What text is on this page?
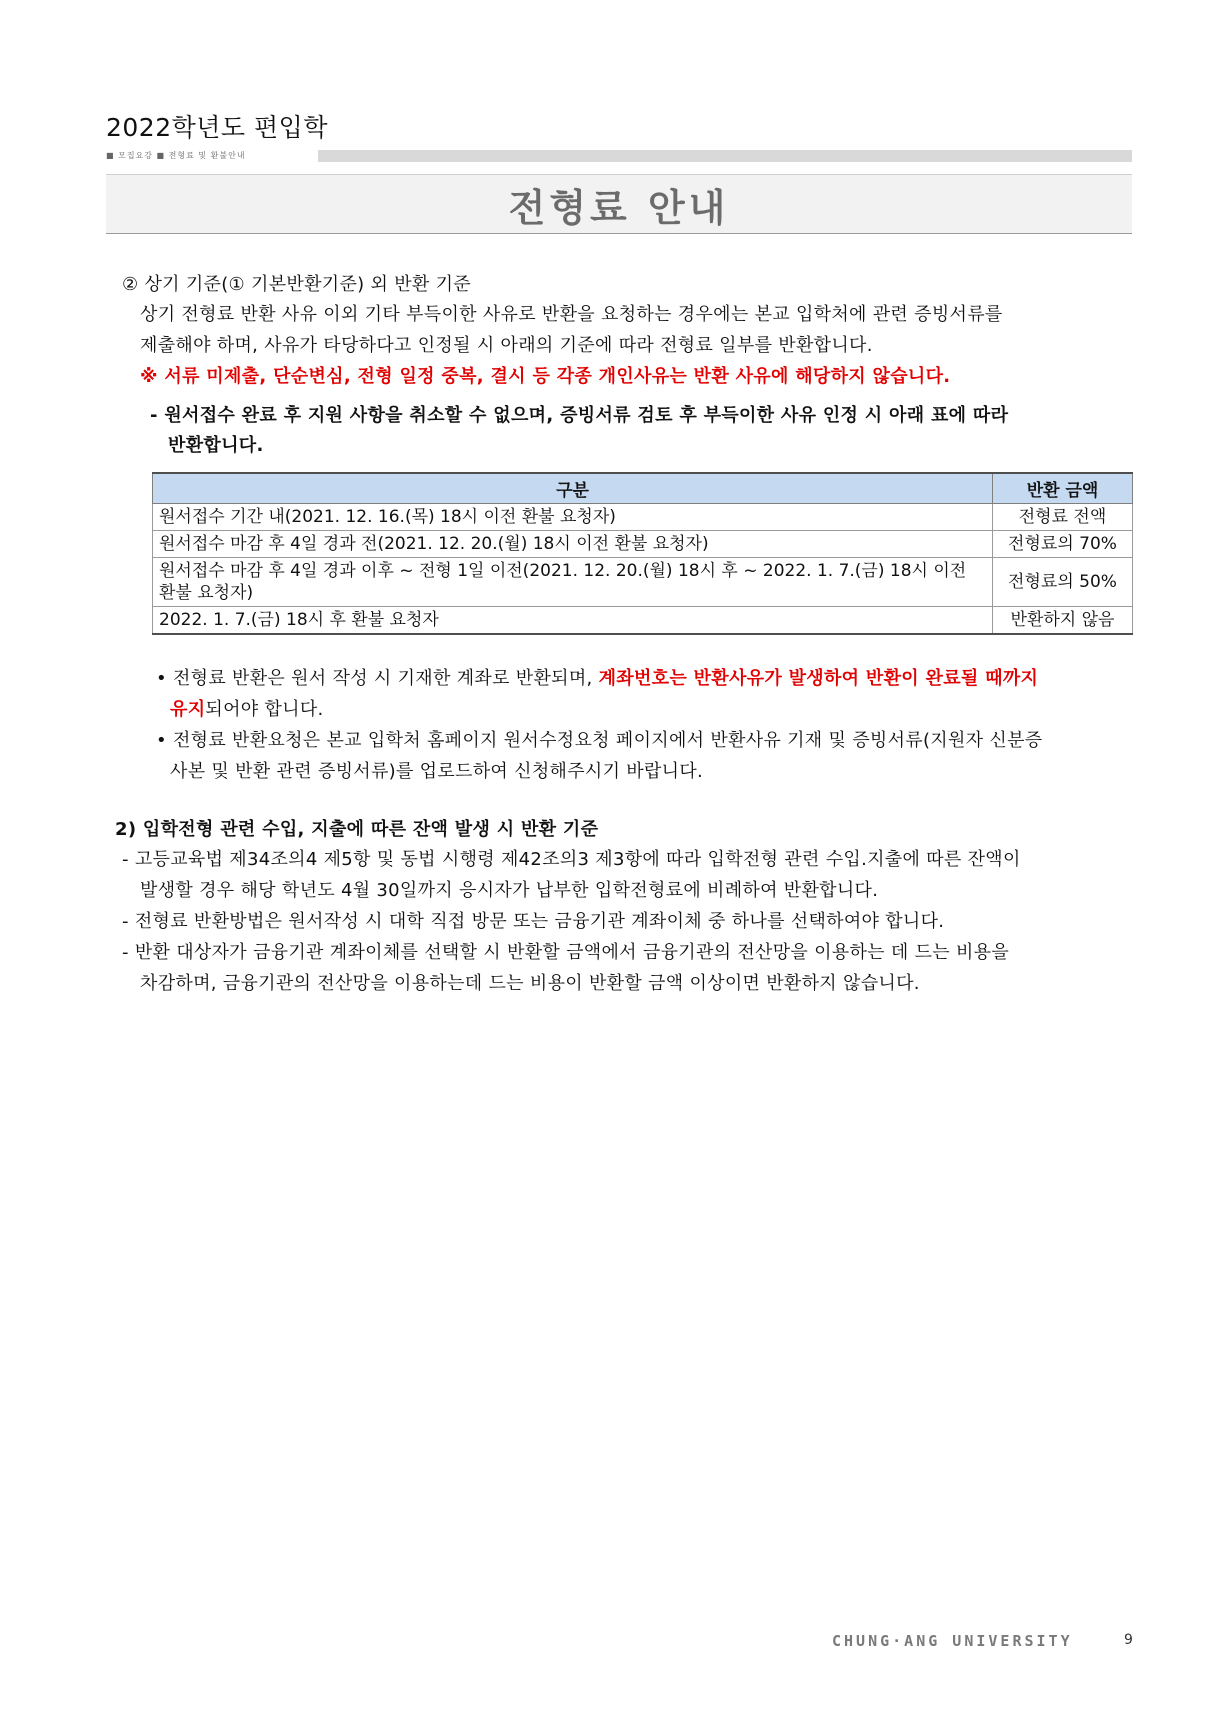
2022학년도 편입학
■ 모집요강 ■ 전형료 및 환불안내
전형료 안내
② 상기 기준(① 기본반환기준) 외 반환 기준
상기 전형료 반환 사유 이외 기타 부득이한 사유로 반환을 요청하는 경우에는 본교 입학처에 관련 증빙서류를
제출해야 하며, 사유가 타당하다고 인정될 시 아래의 기준에 따라 전형료 일부를 반환합니다.
※ 서류 미제출, 단순변심, 전형 일정 중복, 결시 등 각종 개인사유는 반환 사유에 해당하지 않습니다.
- 원서접수 완료 후 지원 사항을 취소할 수 없으며, 증빙서류 검토 후 부득이한 사유 인정 시 아래 표에 따라
반환합니다.
구분	반환 금액
원서접수 기간 내(2021. 12. 16.(목) 18시 이전 환불 요청자)	전형료 전액
원서접수 마감 후 4일 경과 전(2021. 12. 20.(월) 18시 이전 환불 요청자)	전형료의 70%
원서접수 마감 후 4일 경과 이후 ~ 전형 1일 이전(2021. 12. 20.(월) 18시 후 ~ 2022. 1. 7.(금) 18시 이전 환불 요청자)	전형료의 50%
2022. 1. 7.(금) 18시 후 환불 요청자	반환하지 않음
• 전형료 반환은 원서 작성 시 기재한 계좌로 반환되며, 계좌번호는 반환사유가 발생하여 반환이 완료될 때까지
유지되어야 합니다.
• 전형료 반환요청은 본교 입학처 홈페이지 원서수정요청 페이지에서 반환사유 기재 및 증빙서류(지원자 신분증
사본 및 반환 관련 증빙서류)를 업로드하여 신청해주시기 바랍니다.
2) 입학전형 관련 수입, 지출에 따른 잔액 발생 시 반환 기준
- 고등교육법 제34조의4 제5항 및 동법 시행령 제42조의3 제3항에 따라 입학전형 관련 수입.지출에 따른 잔액이
발생할 경우 해당 학년도 4월 30일까지 응시자가 납부한 입학전형료에 비례하여 반환합니다.
- 전형료 반환방법은 원서작성 시 대학 직접 방문 또는 금융기관 계좌이체 중 하나를 선택하여야 합니다.
- 반환 대상자가 금융기관 계좌이체를 선택할 시 반환할 금액에서 금융기관의 전산망을 이용하는 데 드는 비용을
차감하며, 금융기관의 전산망을 이용하는데 드는 비용이 반환할 금액 이상이면 반환하지 않습니다.
CHUNG·ANG UNIVERSITY	9
